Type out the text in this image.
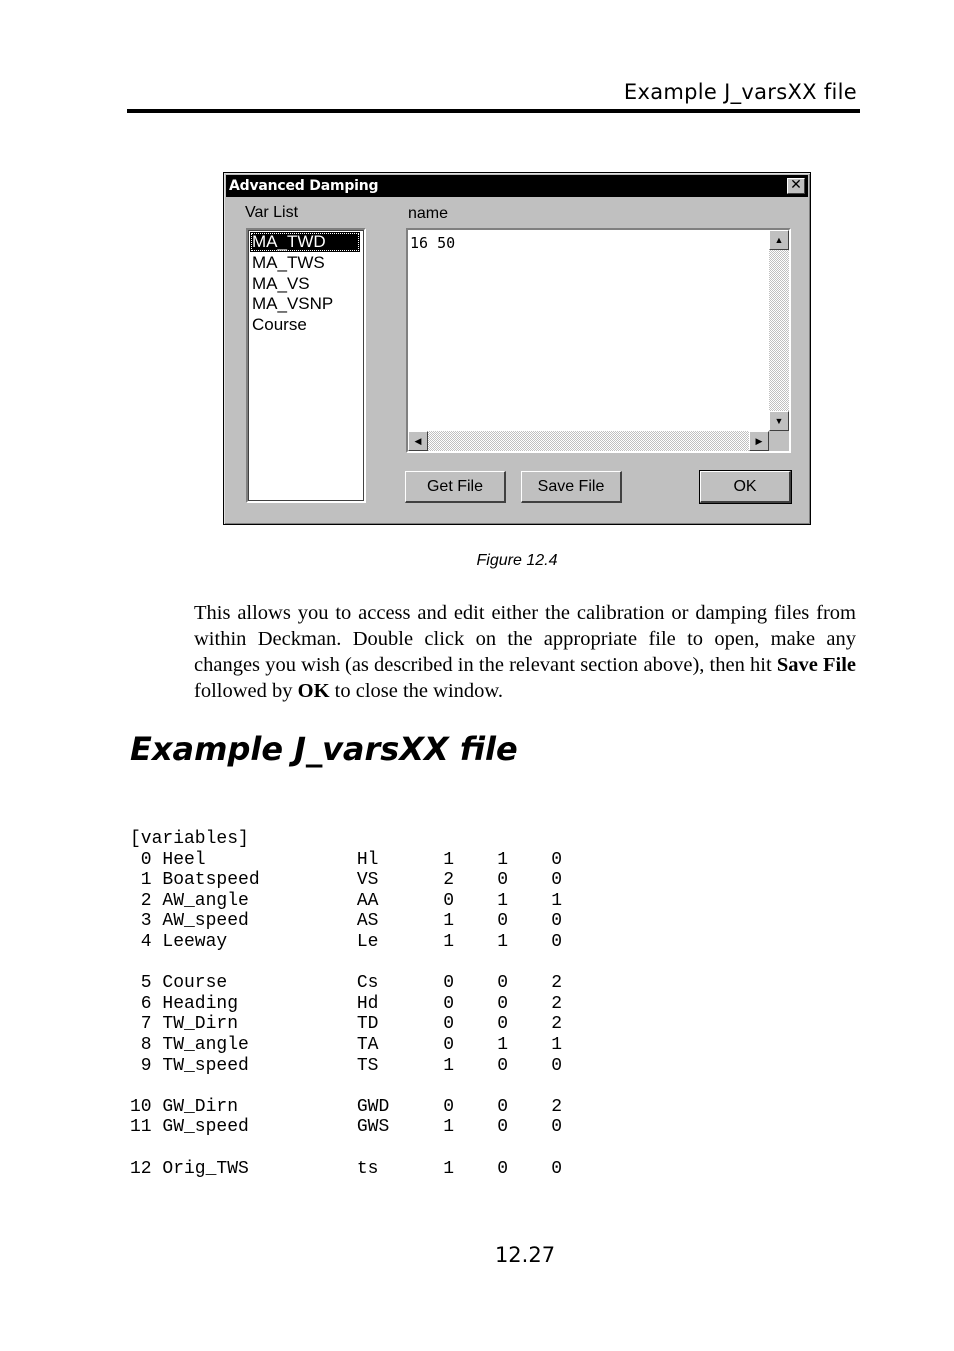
Example J_varsXX file
Advanced Damping	✕
Var List	name
MA_TWD
MA_TWS
MA_VS
MA_VSNP
Course
16 50	▲
▼
◀	▶
Get File	Save File	OK
Figure 12.4
This allows you to access and edit either the calibration or damping files from within Deckman. Double click on the appropriate file to open, make any changes you wish (as described in the relevant section above), then hit Save File followed by OK to close the window.
Example J_varsXX file
[variables]
0 Heel              Hl      1    1    0
1 Boatspeed         VS      2    0    0
2 AW_angle          AA      0    1    1
3 AW_speed          AS      1    0    0
4 Leeway            Le      1    1    0

5 Course            Cs      0    0    2
6 Heading           Hd      0    0    2
7 TW_Dirn           TD      0    0    2
8 TW_angle          TA      0    1    1
9 TW_speed          TS      1    0    0

10 GW_Dirn           GWD     0    0    2
11 GW_speed          GWS     1    0    0

12 Orig_TWS          ts      1    0    0
12.27
